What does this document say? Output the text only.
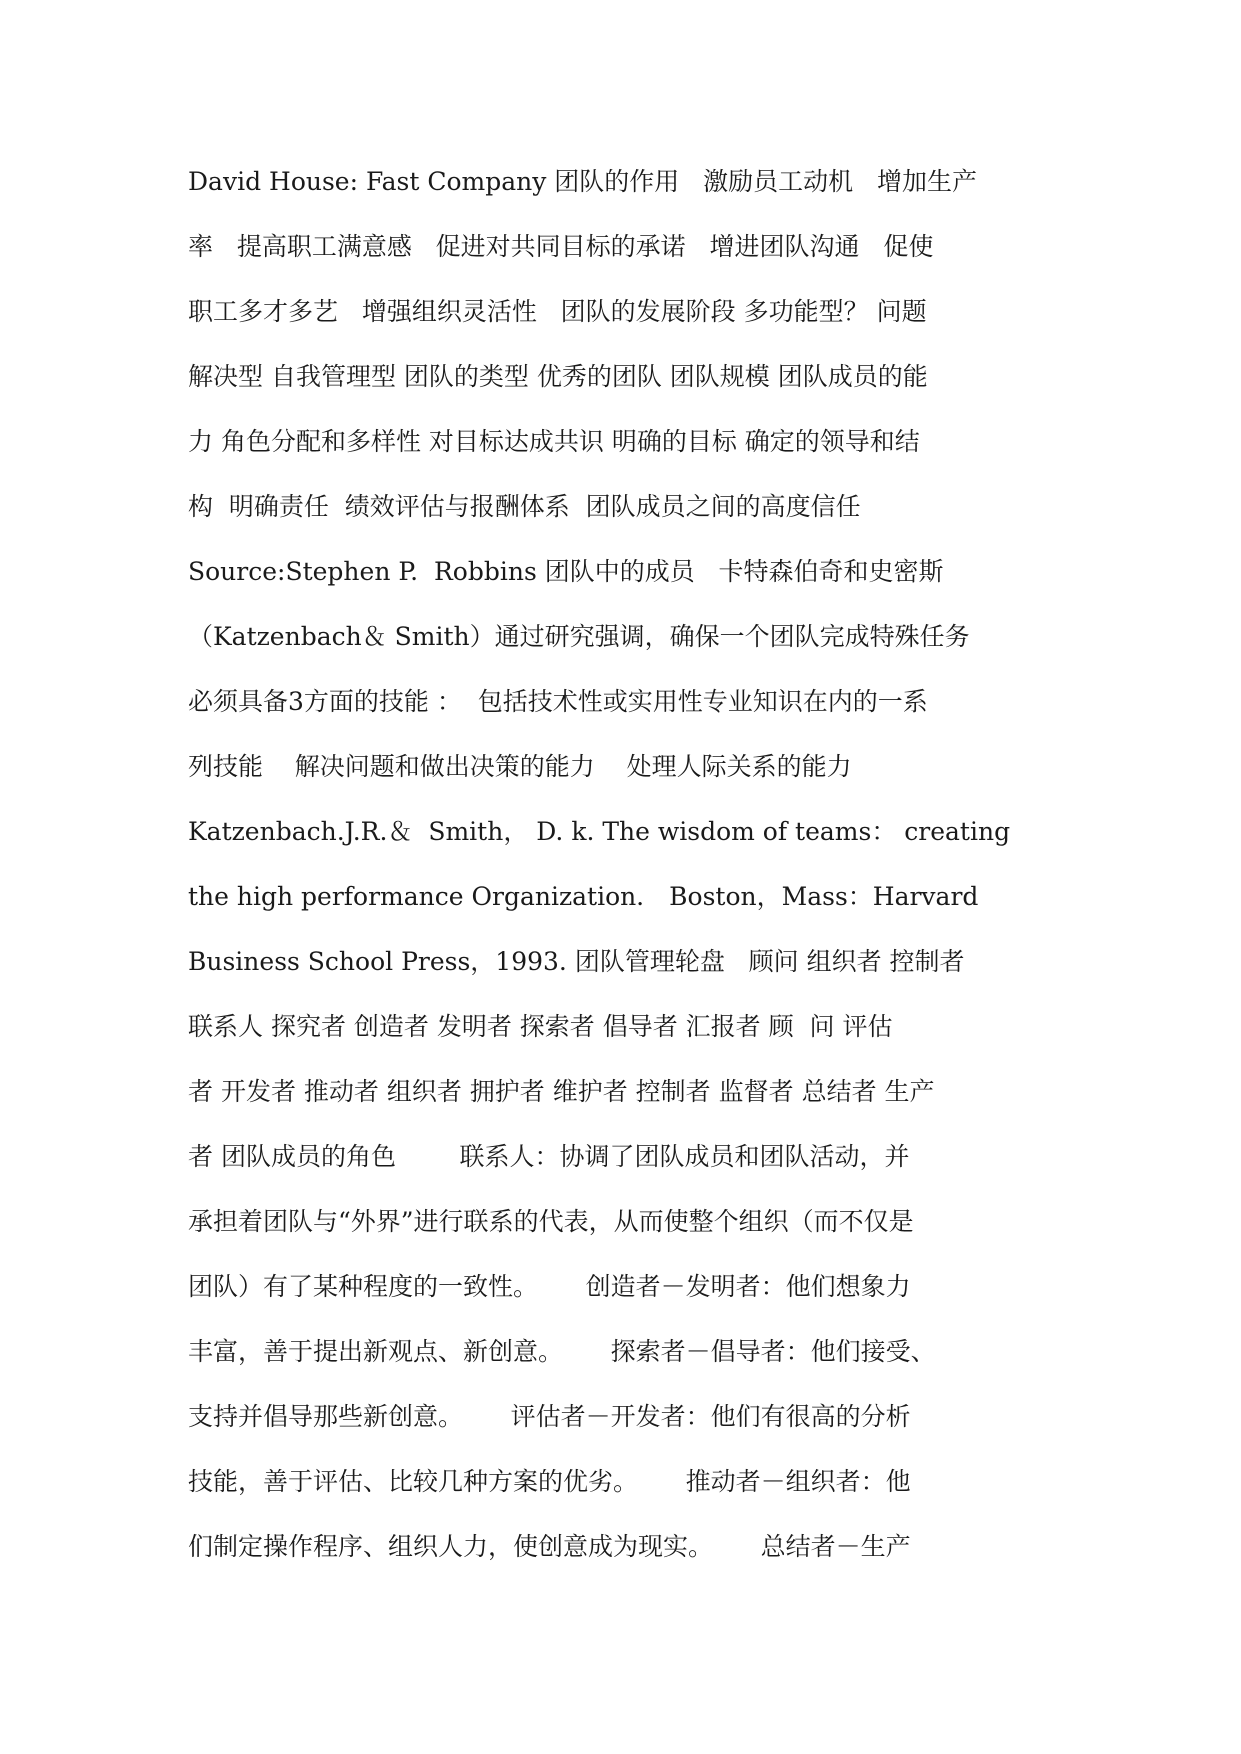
David House: Fast Company 团队的作用   激励员工动机   增加生产
率   提高职工满意感   促进对共同目标的承诺   增进团队沟通   促使
职工多才多艺   增强组织灵活性   团队的发展阶段 多功能型？ 问题
解决型 自我管理型 团队的类型 优秀的团队 团队规模 团队成员的能
力 角色分配和多样性 对目标达成共识 明确的目标 确定的领导和结
构  明确责任  绩效评估与报酬体系  团队成员之间的高度信任
Source:Stephen P.  Robbins 团队中的成员   卡特森伯奇和史密斯
（Katzenbach＆ Smith）通过研究强调，确保一个团队完成特殊任务
必须具备3方面的技能 ：  包括技术性或实用性专业知识在内的一系
列技能    解决问题和做出决策的能力    处理人际关系的能力
Katzenbach.J.R.＆  Smith， D. k. The wisdom of teams： creating
the high performance Organization． Boston，Mass：Harvard
Business School Press，1993. 团队管理轮盘   顾问 组织者 控制者
联系人 探究者 创造者 发明者 探索者 倡导者 汇报者 顾  问 评估
者 开发者 推动者 组织者 拥护者 维护者 控制者 监督者 总结者 生产
者 团队成员的角色        联系人：协调了团队成员和团队活动，并
承担着团队与“外界”进行联系的代表，从而使整个组织（而不仅是
团队）有了某种程度的一致性。      创造者－发明者：他们想象力
丰富，善于提出新观点、新创意。      探索者－倡导者：他们接受、
支持并倡导那些新创意。      评估者－开发者：他们有很高的分析
技能，善于评估、比较几种方案的优劣。      推动者－组织者：他
们制定操作程序、组织人力，使创意成为现实。      总结者－生产
